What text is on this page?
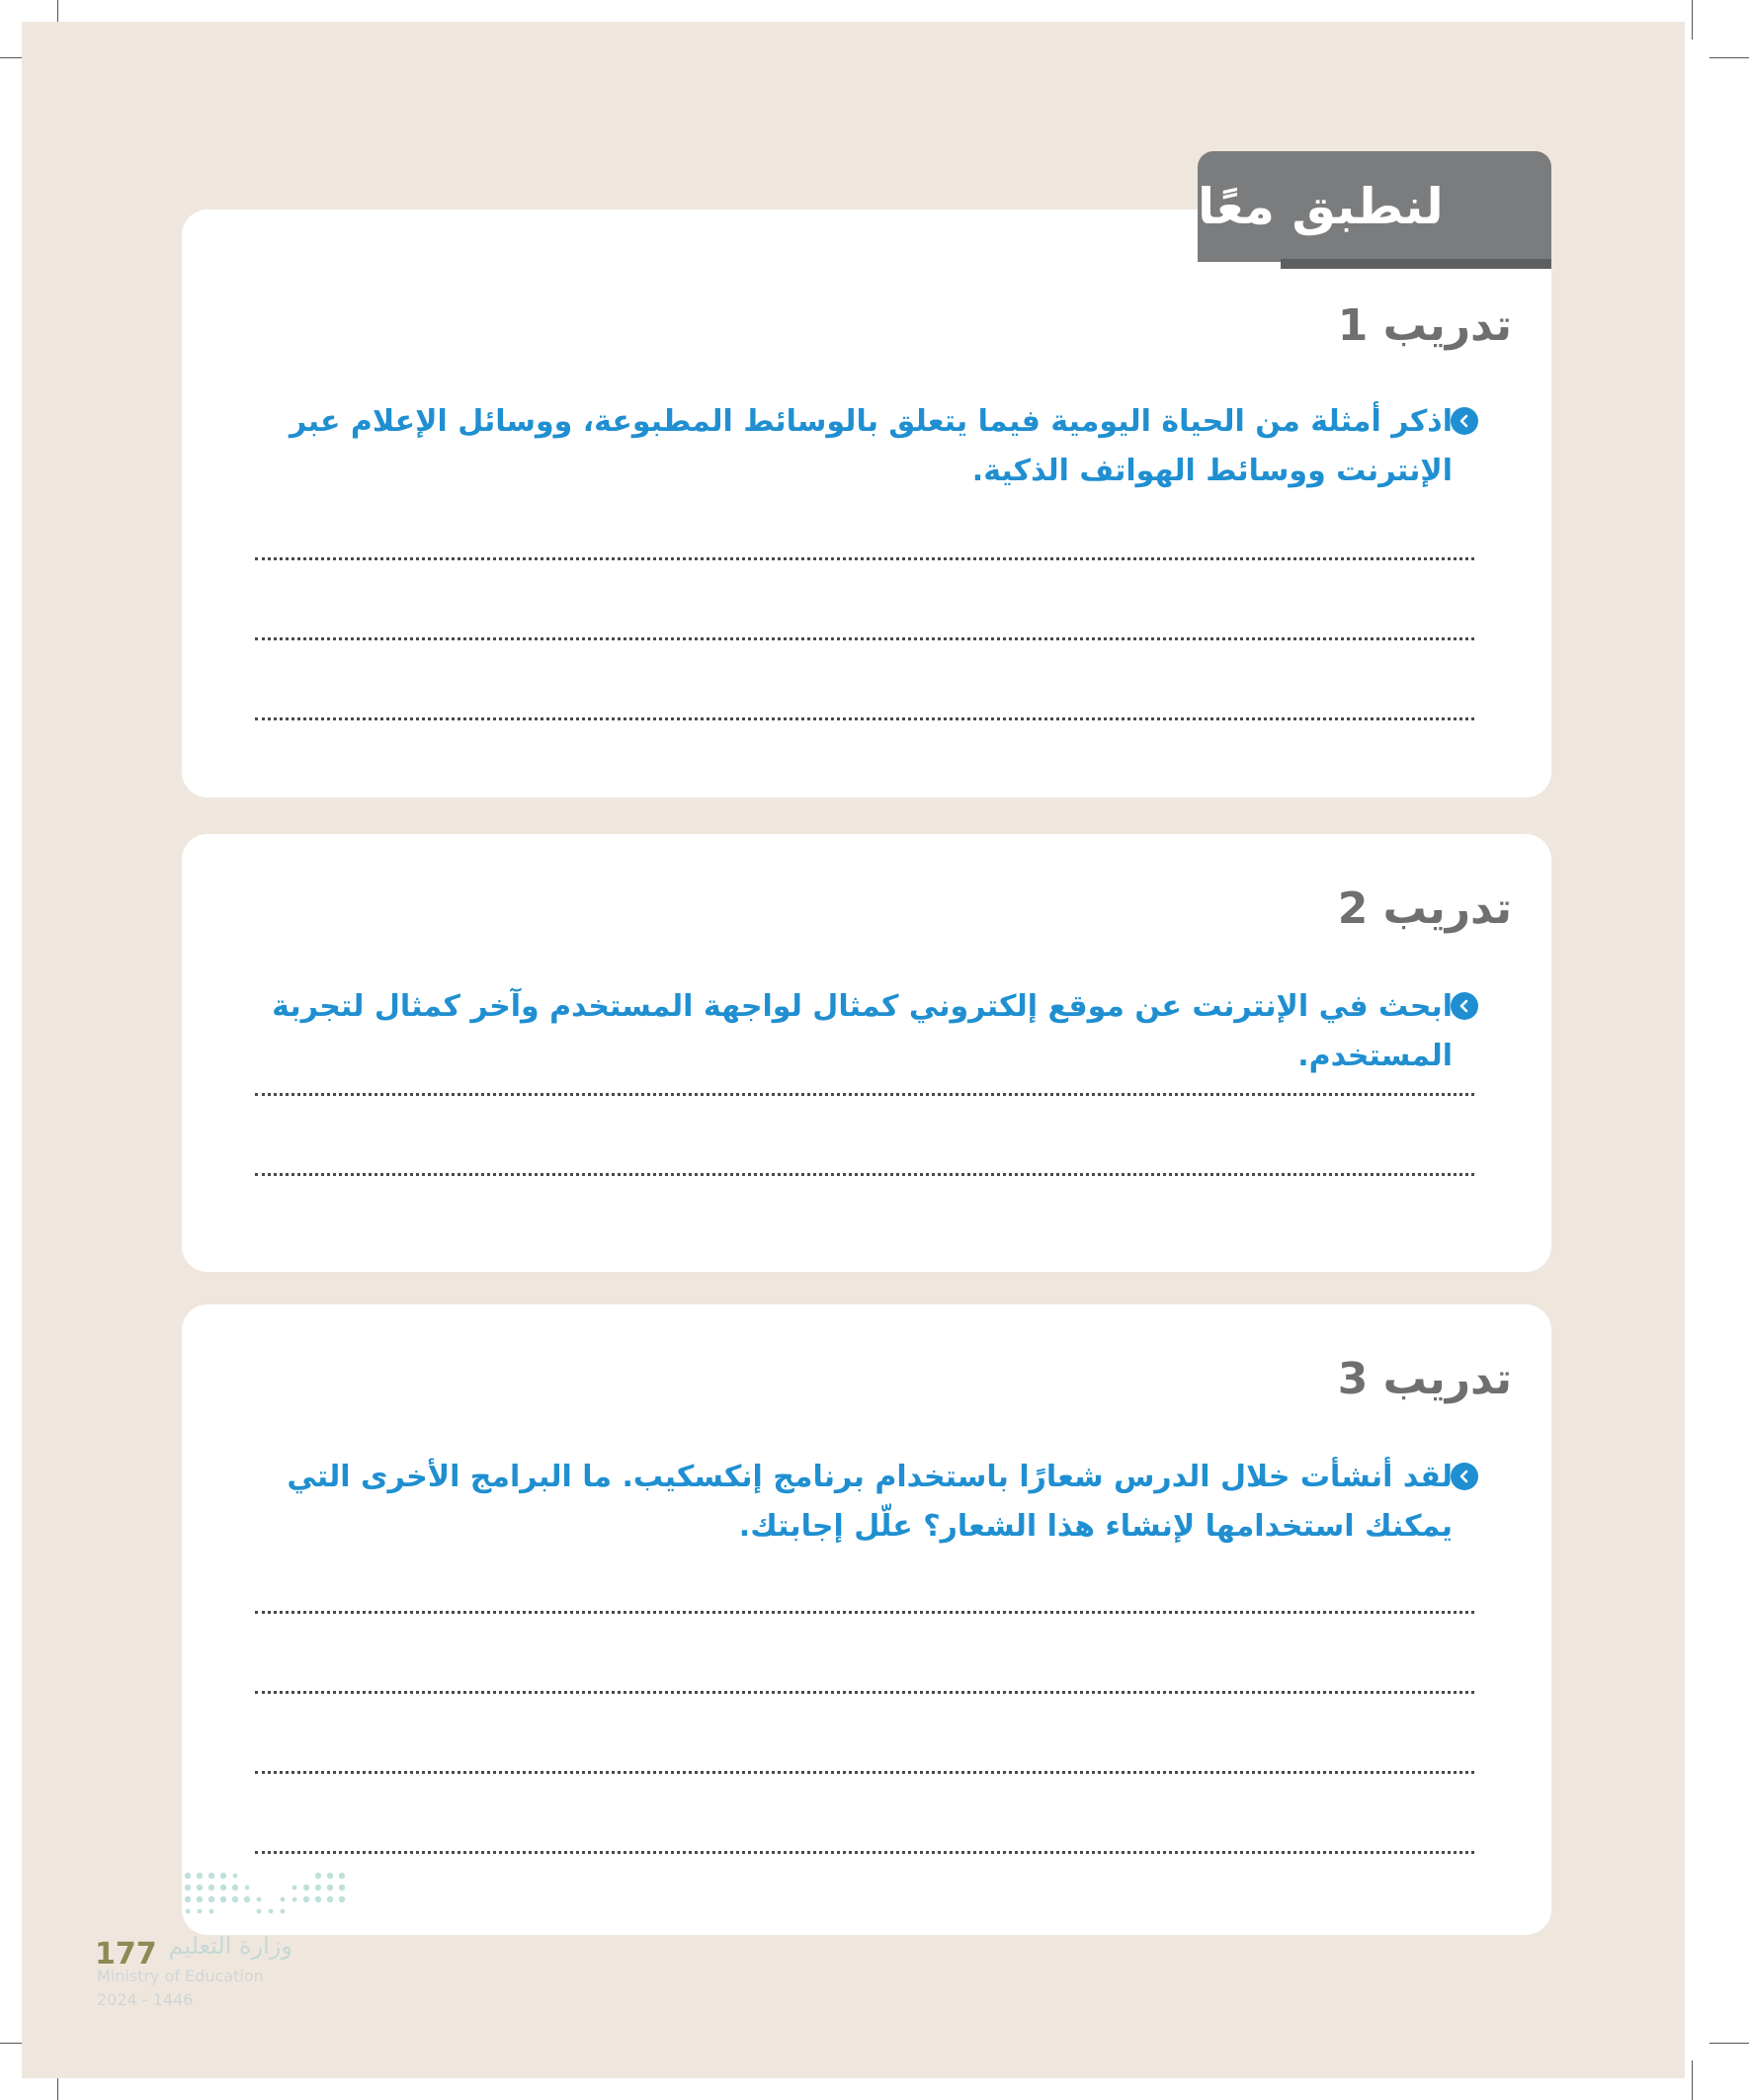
تدريب 1
اذكر أمثلة من الحياة اليومية فيما يتعلق بالوسائط المطبوعة، ووسائل الإعلام عبر الإنترنت ووسائط الهواتف الذكية.
لنطبق معًا
تدريب 2
ابحث في الإنترنت عن موقع إلكتروني كمثال لواجهة المستخدم وآخر كمثال لتجربة المستخدم.
تدريب 3
لقد أنشأت خلال الدرس شعارًا باستخدام برنامج إنكسكيب. ما البرامج الأخرى التي يمكنك استخدامها لإنشاء هذا الشعار؟ علّل إجابتك.
وزارة التعليم
177
Ministry of Education
2024 - 1446
